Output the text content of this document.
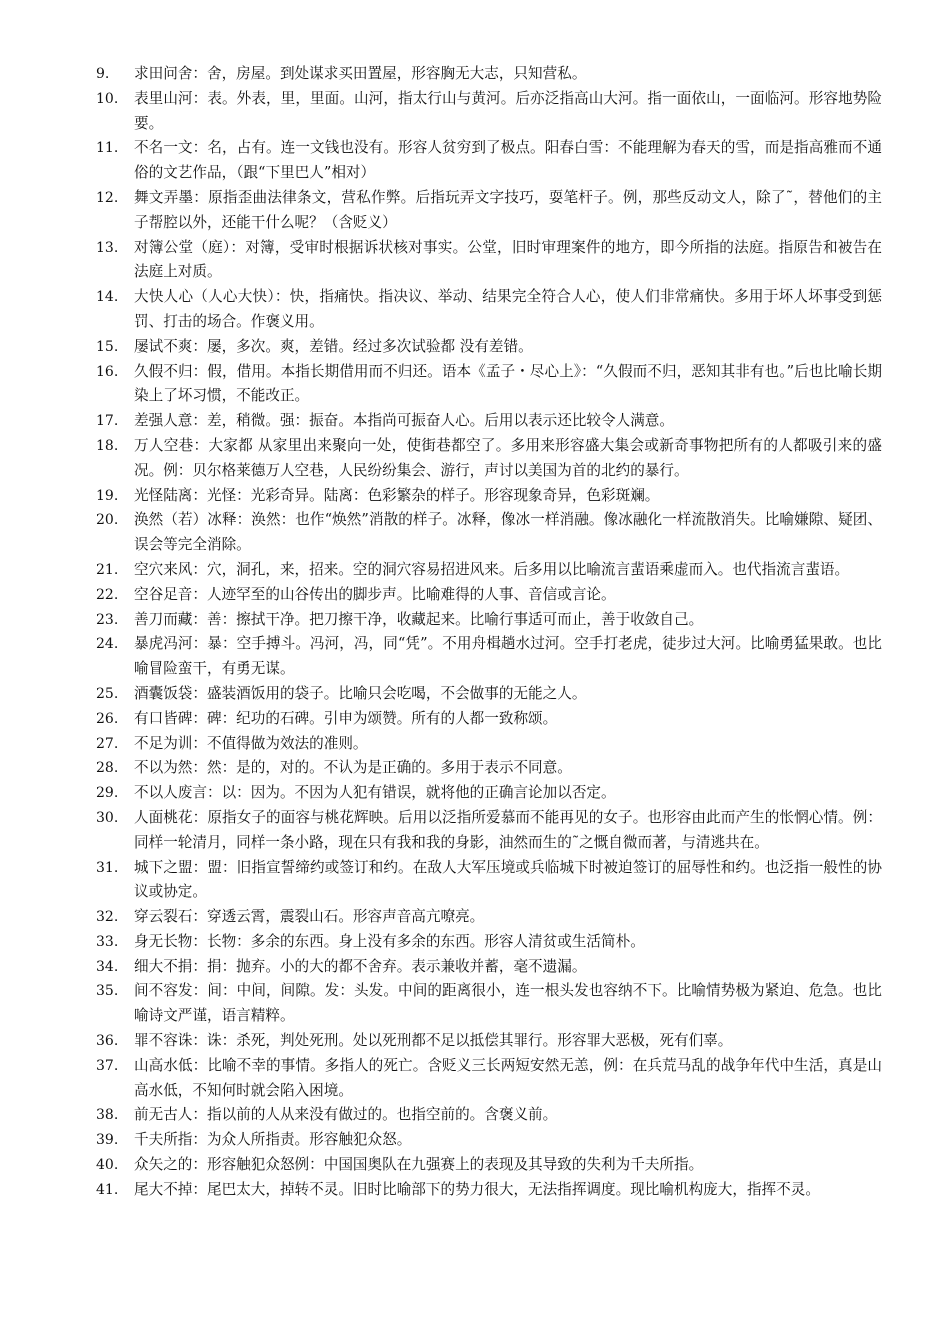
9.	求田问舍：舍，房屋。到处谋求买田置屋，形容胸无大志，只知营私。
10.	表里山河：表。外表，里，里面。山河，指太行山与黄河。后亦泛指高山大河。指一面依山，一面临河。形容地势险要。
11.	不名一文：名，占有。连一文钱也没有。形容人贫穷到了极点。阳春白雪：不能理解为春天的雪，而是指高雅而不通俗的文艺作品，（跟“下里巴人”相对）
12.	舞文弄墨：原指歪曲法律条文，营私作弊。后指玩弄文字技巧，耍笔杆子。例，那些反动文人，除了˜，替他们的主子帮腔以外，还能干什么呢？（含贬义）
13.	对簿公堂（庭）：对簿，受审时根据诉状核对事实。公堂，旧时审理案件的地方，即今所指的法庭。指原告和被告在法庭上对质。
14.	大快人心（人心大快）：快，指痛快。指决议、举动、结果完全符合人心，使人们非常痛快。多用于坏人坏事受到惩罚、打击的场合。作褒义用。
15.	屡试不爽：屡，多次。爽，差错。经过多次试验都 没有差错。
16.	久假不归：假，借用。本指长期借用而不归还。语本《孟子・尽心上》：“久假而不归，恶知其非有也。”后也比喻长期染上了坏习惯，不能改正。
17.	差强人意：差，稍微。强：振奋。本指尚可振奋人心。后用以表示还比较令人满意。
18.	万人空巷：大家都 从家里出来聚向一处，使街巷都空了。多用来形容盛大集会或新奇事物把所有的人都吸引来的盛况。例：贝尔格莱德万人空巷，人民纷纷集会、游行，声讨以美国为首的北约的暴行。
19.	光怪陆离：光怪：光彩奇异。陆离：色彩繁杂的样子。形容现象奇异，色彩斑斓。
20.	涣然（若）冰释：涣然：也作“焕然”消散的样子。冰释，像冰一样消融。像冰融化一样流散消失。比喻嫌隙、疑团、误会等完全消除。
21.	空穴来风：穴，洞孔，来，招来。空的洞穴容易招进风来。后多用以比喻流言蜚语乘虚而入。也代指流言蜚语。
22.	空谷足音：人迹罕至的山谷传出的脚步声。比喻难得的人事、音信或言论。
23.	善刀而藏：善：擦拭干净。把刀擦干净，收藏起来。比喻行事适可而止，善于收敛自己。
24.	暴虎冯河：暴：空手搏斗。冯河，冯，同“凭”。不用舟楫趟水过河。空手打老虎，徒步过大河。比喻勇猛果敢。也比喻冒险蛮干，有勇无谋。
25.	酒囊饭袋：盛装酒饭用的袋子。比喻只会吃喝，不会做事的无能之人。
26.	有口皆碑：碑：纪功的石碑。引申为颂赞。所有的人都一致称颂。
27.	不足为训：不值得做为效法的准则。
28.	不以为然：然：是的，对的。不认为是正确的。多用于表示不同意。
29.	不以人废言：以：因为。不因为人犯有错误，就将他的正确言论加以否定。
30.	人面桃花：原指女子的面容与桃花辉映。后用以泛指所爱慕而不能再见的女子。也形容由此而产生的怅惘心情。例：同样一轮清月，同样一条小路，现在只有我和我的身影，油然而生的˜之慨自微而著，与清逃共在。
31.	城下之盟：盟：旧指宣誓缔约或签订和约。在敌人大军压境或兵临城下时被迫签订的屈辱性和约。也泛指一般性的协议或协定。
32.	穿云裂石：穿透云霄，震裂山石。形容声音高亢嘹亮。
33.	身无长物：长物：多余的东西。身上没有多余的东西。形容人清贫或生活简朴。
34.	细大不捐：捐：抛弃。小的大的都不舍弃。表示兼收并蓄，毫不遗漏。
35.	间不容发：间：中间，间隙。发：头发。中间的距离很小，连一根头发也容纳不下。比喻情势极为紧迫、危急。也比喻诗文严谨，语言精粹。
36.	罪不容诛：诛：杀死，判处死刑。处以死刑都不足以抵偿其罪行。形容罪大恶极，死有们辜。
37.	山高水低：比喻不幸的事情。多指人的死亡。含贬义三长两短安然无恙，例：在兵荒马乱的战争年代中生活，真是山高水低，不知何时就会陷入困境。
38.	前无古人：指以前的人从来没有做过的。也指空前的。含褒义前。
39.	千夫所指：为众人所指责。形容触犯众怒。
40.	众矢之的：形容触犯众怒例：中国国奥队在九强赛上的表现及其导致的失利为千夫所指。
41.	尾大不掉：尾巴太大，掉转不灵。旧时比喻部下的势力很大，无法指挥调度。现比喻机构庞大，指挥不灵。
